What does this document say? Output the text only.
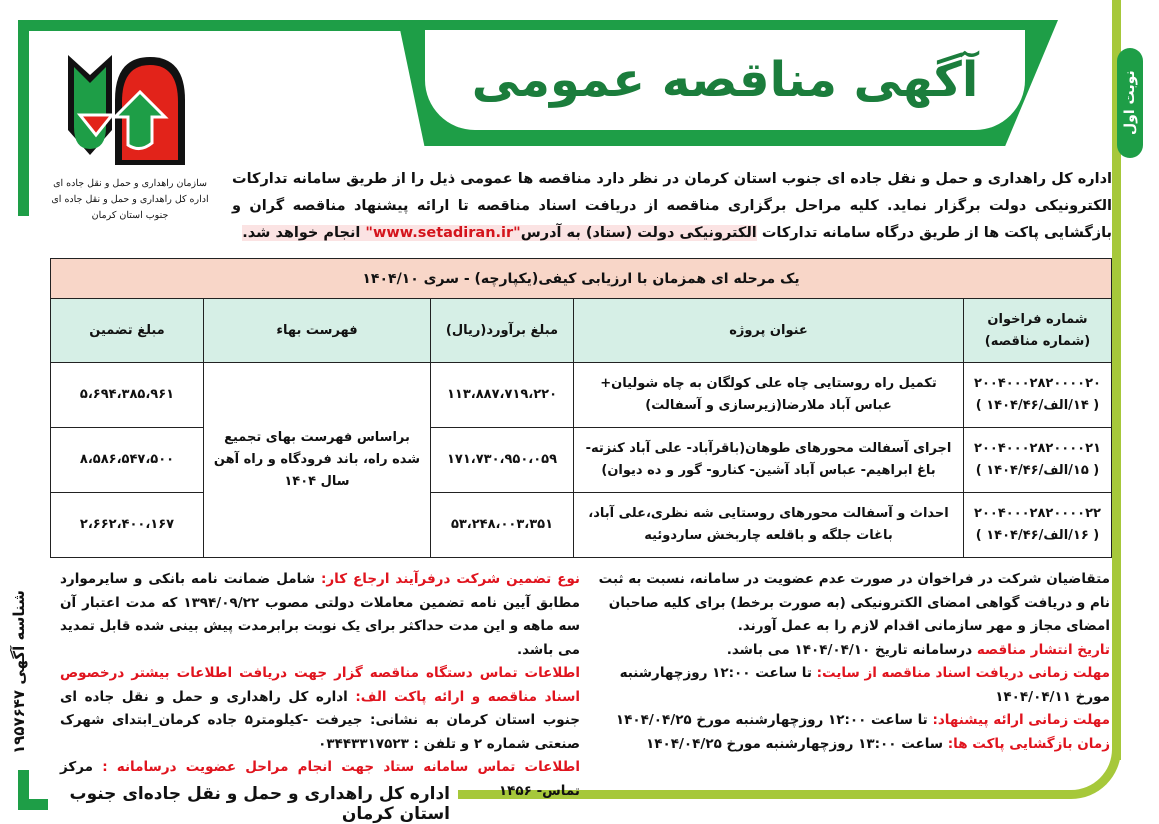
نوبت اول
آگهی مناقصه عمومی
سازمان راهداری و حمل و نقل جاده ای
اداره کل راهداری و حمل و نقل جاده ای جنوب استان کرمان
اداره کل راهداری و حمل و نقل جاده ای جنوب استان کرمان در نظر دارد مناقصه ها عمومی ذیل را از طریق سامانه تدارکات الکترونیکی دولت برگزار نماید. کلیه مراحل برگزاری مناقصه از دریافت اسناد مناقصه تا ارائه پیشنهاد مناقصه گران و بازگشایی پاکت ها از طریق درگاه سامانه تدارکات الکترونیکی دولت (ستاد) به آدرس"www.setadiran.ir" انجام خواهد شد.
یک مرحله ای همزمان با ارزیابی کیفی(یکپارچه) - سری ۱۴۰۴/۱۰				
شماره فراخوان (شماره مناقصه)	عنوان پروژه	مبلغ برآورد(ریال)	فهرست بهاء	مبلغ تضمین

۲۰۰۴۰۰۰۲۸۲۰۰۰۰۲۰
( ۱۴/الف/۱۴۰۴/۴۶ )	تکمیل راه روستایی چاه علی کولگان به چاه شولیان+ عباس آباد ملارضا(زیرسازی و آسفالت)	۱۱۳،۸۸۷،۷۱۹،۲۲۰	براساس فهرست بهای تجمیع شده راه، باند فرودگاه و راه آهن سال ۱۴۰۴	۵،۶۹۴،۳۸۵،۹۶۱

۲۰۰۴۰۰۰۲۸۲۰۰۰۰۲۱
( ۱۵/الف/۱۴۰۴/۴۶ )	اجرای آسفالت محورهای طوهان(باقرآباد- علی آباد کنزته- باغ ابراهیم- عباس آباد آشین- کنارو- گور و ده دیوان)	۱۷۱،۷۳۰،۹۵۰،۰۵۹		۸،۵۸۶،۵۴۷،۵۰۰

۲۰۰۴۰۰۰۲۸۲۰۰۰۰۲۲
( ۱۶/الف/۱۴۰۴/۴۶ )	احداث و آسفالت محورهای روستایی شه نظری،علی آباد، باغات جلگه و باقلعه چاربخش ساردوئیه	۵۳،۲۴۸،۰۰۳،۳۵۱		۲،۶۶۲،۴۰۰،۱۶۷
متقاضیان شرکت در فراخوان در صورت عدم عضویت در سامانه، نسبت به ثبت نام و دریافت گواهی امضای الکترونیکی (به صورت برخط) برای کلیه صاحبان امضای مجاز و مهر سازمانی اقدام لازم را به عمل آورند.
تاریخ انتشار مناقصه درسامانه تاریخ ۱۴۰۴/۰۴/۱۰ می باشد.
مهلت زمانی دریافت اسناد مناقصه از سایت: تا ساعت ۱۲:۰۰ روزچهارشنبه مورخ ۱۴۰۴/۰۴/۱۱
مهلت زمانی ارائه پیشنهاد: تا ساعت ۱۲:۰۰ روزچهارشنبه مورخ ۱۴۰۴/۰۴/۲۵
زمان بازگشایی پاکت ها: ساعت ۱۳:۰۰ روزچهارشنبه مورخ ۱۴۰۴/۰۴/۲۵
نوع تضمین شرکت درفرآیند ارجاع کار: شامل ضمانت نامه بانکی و سایرموارد مطابق آیین نامه تضمین معاملات دولتی مصوب ۱۳۹۴/۰۹/۲۲ که مدت اعتبار آن سه ماهه و این مدت حداکثر برای یک نوبت برابرمدت پیش بینی شده قابل تمدید می باشد.
اطلاعات تماس دستگاه مناقصه گزار جهت دریافت اطلاعات بیشتر درخصوص اسناد مناقصه و ارائه پاکت الف: اداره کل راهداری و حمل و نقل جاده ای جنوب استان کرمان به نشانی: جیرفت -کیلومتر۵ جاده کرمان_ابتدای شهرک صنعتی شماره ۲ و تلفن : ۰۳۴۴۳۳۱۷۵۲۳
اطلاعات تماس سامانه ستاد جهت انجام مراحل عضویت درسامانه : مرکز تماس- ۱۴۵۶
شناسه آگهی ۱۹۵۷۶۴۷
اداره کل راهداری و حمل و نقل جاده‌ای جنوب استان کرمان
